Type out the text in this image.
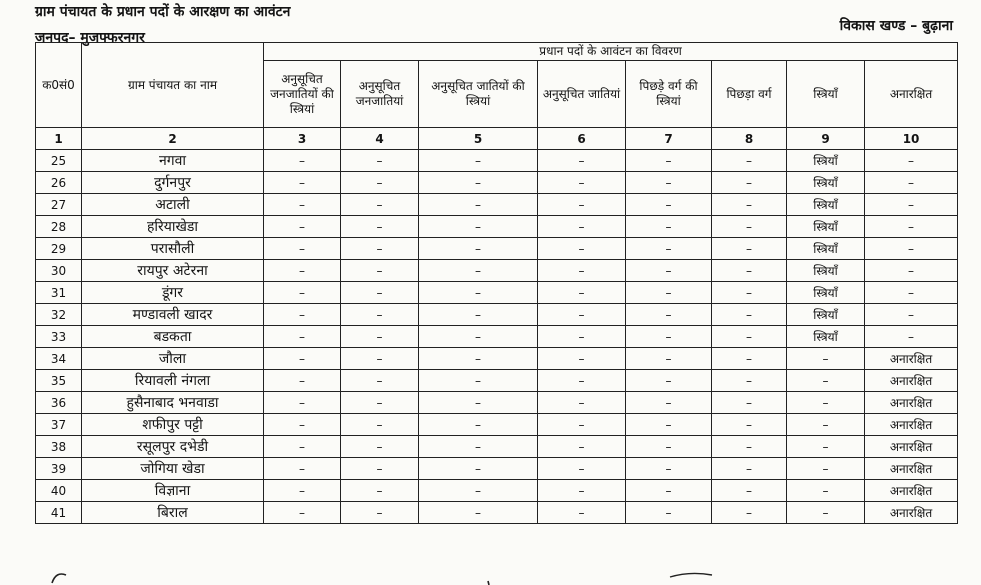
ग्राम पंचायत के प्रधान पदों के आरक्षण का आवंटन
जनपद– मुजफ्फरनगर
विकास खण्ड – बुढ़ाना
क0सं0	ग्राम पंचायत का नाम	प्रधान पदों के आवंटन का विवरण							
		अनुसूचित जनजातियों की स्त्रियां	अनुसूचित जनजातियां	अनुसूचित जातियों की स्त्रियां	अनुसूचित जातियां	पिछड़े वर्ग की स्त्रियां	पिछड़ा वर्ग	स्त्रियाँ	अनारक्षित
1	2	3	4	5	6	7	8	9	10
25	नगवा	–	–	–	–	–	–	स्त्रियाँ	–
26	दुर्गनपुर	–	–	–	–	–	–	स्त्रियाँ	–
27	अटाली	–	–	–	–	–	–	स्त्रियाँ	–
28	हरियाखेडा	–	–	–	–	–	–	स्त्रियाँ	–
29	परासौली	–	–	–	–	–	–	स्त्रियाँ	–
30	रायपुर अटेरना	–	–	–	–	–	–	स्त्रियाँ	–
31	डूंगर	–	–	–	–	–	–	स्त्रियाँ	–
32	मण्डावली खादर	–	–	–	–	–	–	स्त्रियाँ	–
33	बडकता	–	–	–	–	–	–	स्त्रियाँ	–
34	जौला	–	–	–	–	–	–	–	अनारक्षित
35	रियावली नंगला	–	–	–	–	–	–	–	अनारक्षित
36	हुसैनाबाद भनवाडा	–	–	–	–	–	–	–	अनारक्षित
37	शफीपुर पट्टी	–	–	–	–	–	–	–	अनारक्षित
38	रसूलपुर दभेडी	–	–	–	–	–	–	–	अनारक्षित
39	जोगिया खेडा	–	–	–	–	–	–	–	अनारक्षित
40	विज्ञाना	–	–	–	–	–	–	–	अनारक्षित
41	बिराल	–	–	–	–	–	–	–	अनारक्षित
